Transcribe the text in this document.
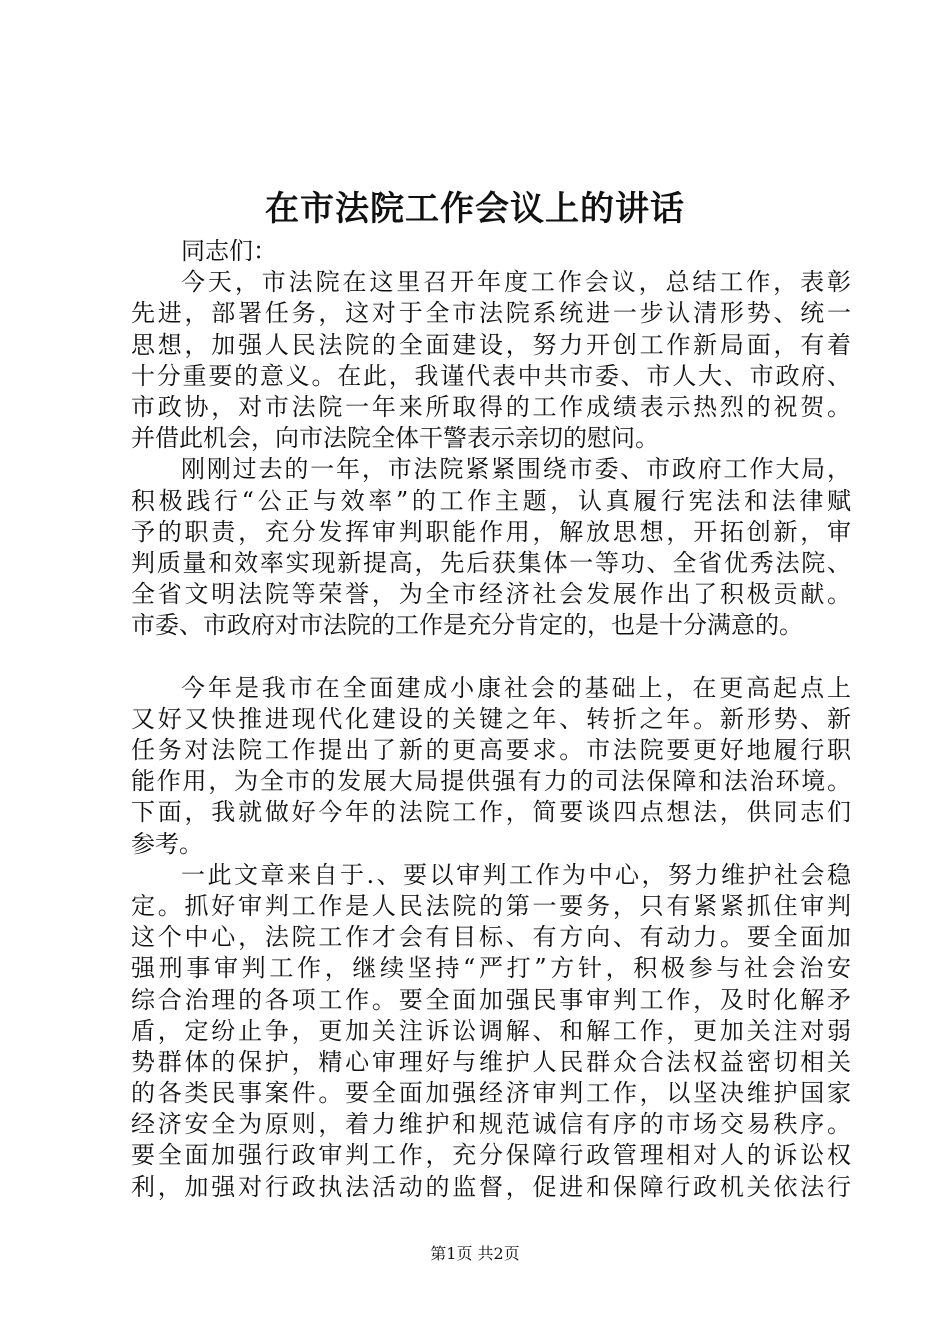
在市法院工作会议上的讲话
同志们：
今天，市法院在这里召开年度工作会议，总结工作，表彰
先进，部署任务，这对于全市法院系统进一步认清形势、统一
思想，加强人民法院的全面建设，努力开创工作新局面，有着
十分重要的意义。在此，我谨代表中共市委、市人大、市政府、
市政协，对市法院一年来所取得的工作成绩表示热烈的祝贺。
并借此机会，向市法院全体干警表示亲切的慰问。
刚刚过去的一年，市法院紧紧围绕市委、市政府工作大局，
积极践行“公正与效率”的工作主题，认真履行宪法和法律赋
予的职责，充分发挥审判职能作用，解放思想，开拓创新，审
判质量和效率实现新提高，先后获集体一等功、全省优秀法院、
全省文明法院等荣誉，为全市经济社会发展作出了积极贡献。
市委、市政府对市法院的工作是充分肯定的，也是十分满意的。
今年是我市在全面建成小康社会的基础上，在更高起点上
又好又快推进现代化建设的关键之年、转折之年。新形势、新
任务对法院工作提出了新的更高要求。市法院要更好地履行职
能作用，为全市的发展大局提供强有力的司法保障和法治环境。
下面，我就做好今年的法院工作，简要谈四点想法，供同志们
参考。
一此文章来自于.、要以审判工作为中心，努力维护社会稳
定。抓好审判工作是人民法院的第一要务，只有紧紧抓住审判
这个中心，法院工作才会有目标、有方向、有动力。要全面加
强刑事审判工作，继续坚持“严打”方针，积极参与社会治安
综合治理的各项工作。要全面加强民事审判工作，及时化解矛
盾，定纷止争，更加关注诉讼调解、和解工作，更加关注对弱
势群体的保护，精心审理好与维护人民群众合法权益密切相关
的各类民事案件。要全面加强经济审判工作，以坚决维护国家
经济安全为原则，着力维护和规范诚信有序的市场交易秩序。
要全面加强行政审判工作，充分保障行政管理相对人的诉讼权
利，加强对行政执法活动的监督，促进和保障行政机关依法行
第1页 共2页
